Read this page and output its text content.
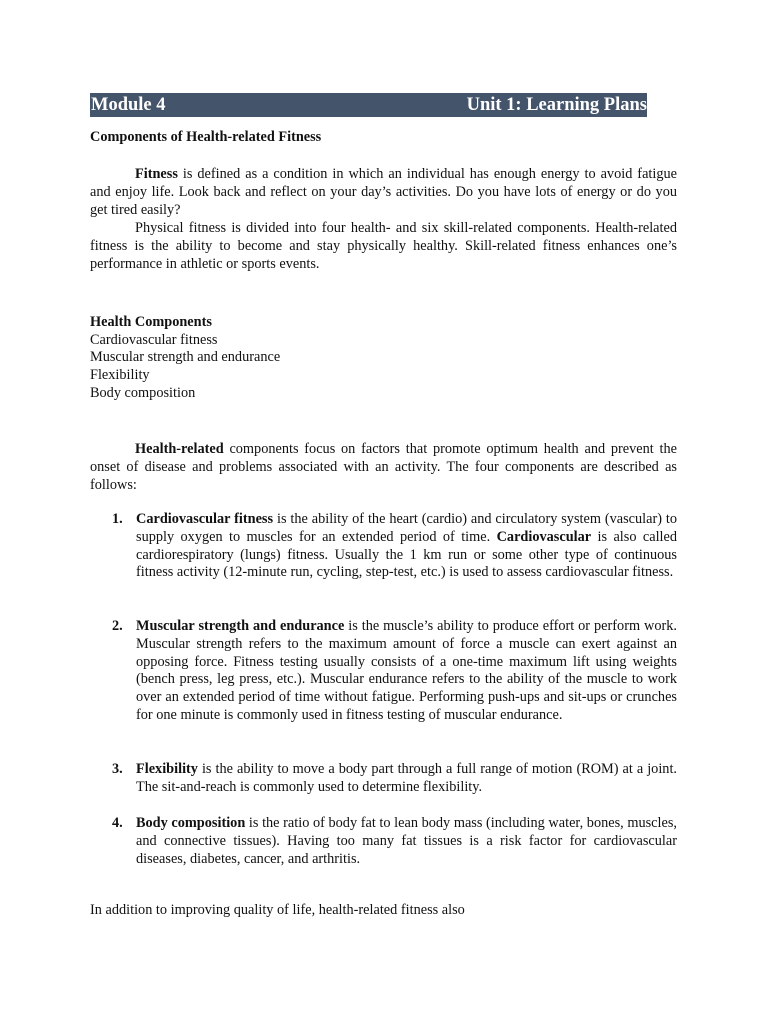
Module 4	Unit 1: Learning Plans
Components of Health-related Fitness

Fitness is defined as a condition in which an individual has enough energy to avoid fatigue and enjoy life. Look back and reflect on your day’s activities. Do you have lots of energy or do you get tired easily?

Physical fitness is divided into four health- and six skill-related components. Health-related fitness is the ability to become and stay physically healthy. Skill-related fitness enhances one’s performance in athletic or sports events.

Health Components
Cardiovascular fitness
Muscular strength and endurance
Flexibility
Body composition

Health-related components focus on factors that promote optimum health and prevent the onset of disease and problems associated with an activity. The four components are described as follows:

1. Cardiovascular fitness is the ability of the heart (cardio) and circulatory system (vascular) to supply oxygen to muscles for an extended period of time. Cardiovascular is also called cardiorespiratory (lungs) fitness. Usually the 1 km run or some other type of continuous fitness activity (12-minute run, cycling, step-test, etc.) is used to assess cardiovascular fitness.
2. Muscular strength and endurance is the muscle’s ability to produce effort or perform work. Muscular strength refers to the maximum amount of force a muscle can exert against an opposing force. Fitness testing usually consists of a one-time maximum lift using weights (bench press, leg press, etc.). Muscular endurance refers to the ability of the muscle to work over an extended period of time without fatigue. Performing push-ups and sit-ups or crunches for one minute is commonly used in fitness testing of muscular endurance.
3. Flexibility is the ability to move a body part through a full range of motion (ROM) at a joint. The sit-and-reach is commonly used to determine flexibility.
4. Body composition is the ratio of body fat to lean body mass (including water, bones, muscles, and connective tissues). Having too many fat tissues is a risk factor for cardiovascular diseases, diabetes, cancer, and arthritis.

In addition to improving quality of life, health-related fitness also
